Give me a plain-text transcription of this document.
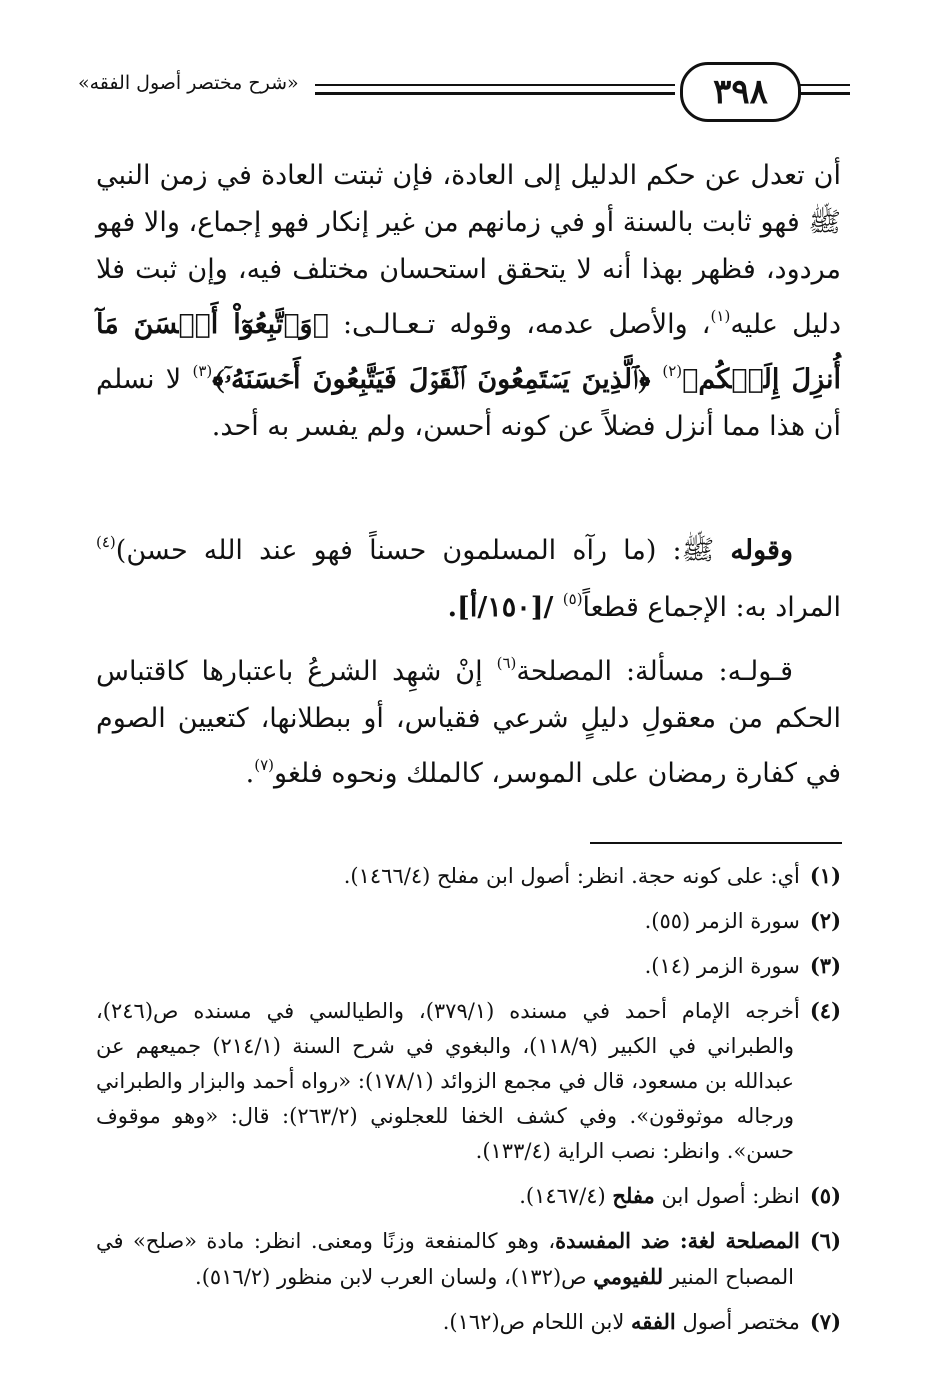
«شرح مختصر أصول الفقه»	٣٩٨
أن تعدل عن حكم الدليل إلى العادة، فإن ثبتت العادة في زمن النبي ﷺ فهو ثابت بالسنة أو في زمانهم من غير إنكار فهو إجماع، والا فهو مردود، فظهر بهذا أنه لا يتحقق استحسان مختلف فيه، وإن ثبت فلا دليل عليه$^{(١)}$، والأصل عدمه، وقوله تـعـالـى: ﴿وَٱتَّبِعُوٓاْ أَحۡسَنَ مَآ أُنزِلَ إِلَيۡكُم﴾$^{(٢)}$ ﴿ٱلَّذِينَ يَسۡتَمِعُونَ ٱلۡقَوۡلَ فَيَتَّبِعُونَ أَحۡسَنَهُۥٓ﴾$^{(٣)}$ لا نسلم أن هذا مما أنزل فضلاً عن كونه أحسن، ولم يفسر به أحد.
وقوله ﷺ: (ما رآه المسلمون حسناً فهو عند الله حسن)$^{(٤)}$ المراد به: الإجماع قطعاً$^{(٥)}$ /[١٥٠/أ].
قـولـه: مسألة: المصلحة$^{(٦)}$ إنْ شهِد الشرعُ باعتبارها كاقتباس الحكم من معقولِ دليلٍ شرعي فقياس، أو ببطلانها، كتعيين الصوم في كفارة رمضان على الموسر، كالملك ونحوه فلغو$^{(٧)}$.
(١)أي: على كونه حجة. انظر: أصول ابن مفلح (١٤٦٦/٤).
(٢)سورة الزمر (٥٥).
(٣)سورة الزمر (١٤).
(٤)أخرجه الإمام أحمد في مسنده (٣٧٩/١)، والطيالسي في مسنده ص(٢٤٦)، والطبراني في الكبير (١١٨/٩)، والبغوي في شرح السنة (٢١٤/١) جميعهم عن عبدالله بن مسعود، قال في مجمع الزوائد (١٧٨/١): «رواه أحمد والبزار والطبراني ورجاله موثوقون». وفي كشف الخفا للعجلوني (٢٦٣/٢): قال: «وهو موقوف حسن». وانظر: نصب الراية (١٣٣/٤).
(٥)انظر: أصول ابن مفلح (١٤٦٧/٤).
(٦)المصلحة لغة: ضد المفسدة، وهو كالمنفعة وزنًا ومعنى. انظر: مادة «صلح» في المصباح المنير للفيومي ص(١٣٢)، ولسان العرب لابن منظور (٥١٦/٢).
(٧)مختصر أصول الفقه لابن اللحام ص(١٦٢).
